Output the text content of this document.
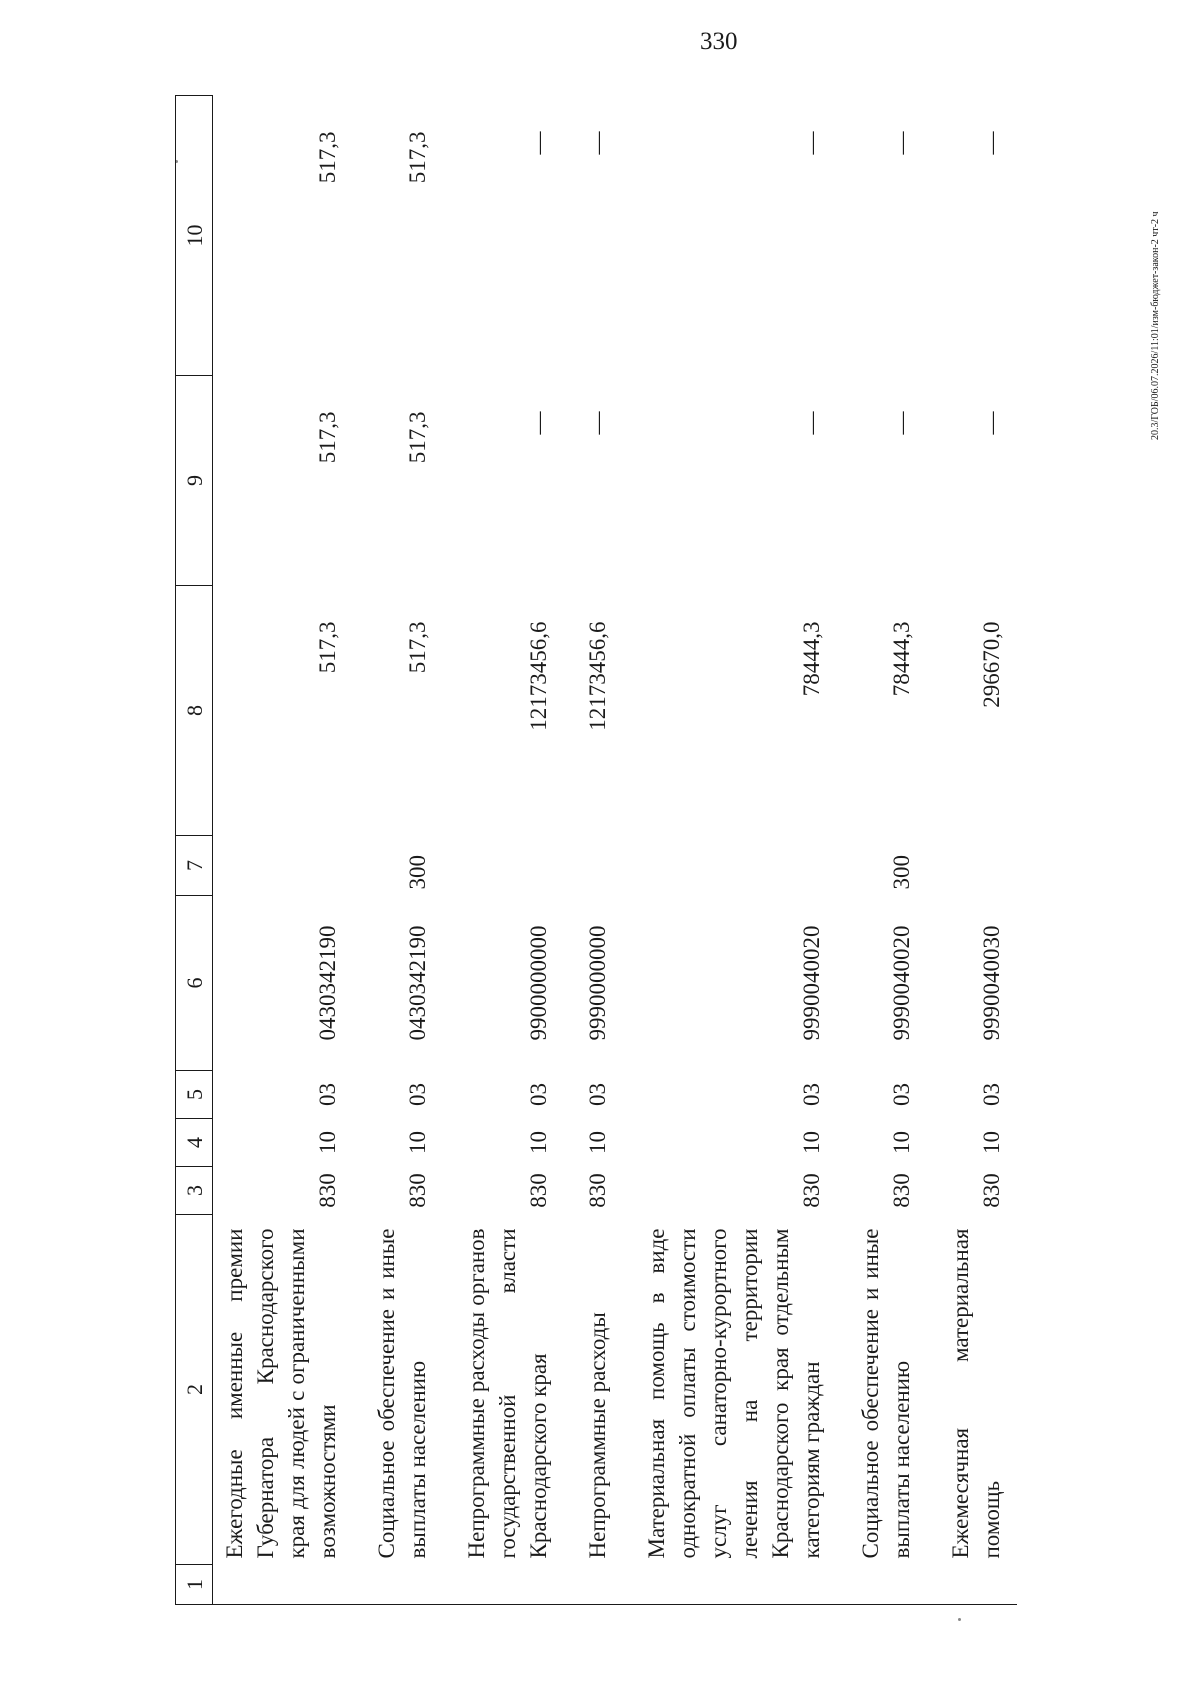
330
20.3/ГОБ/06.07.2026/11:01/изм-бюджет-закон-2 чт-2 ч
1	2	3	4	5	6	7	8	9	10
	Ежегодные именные премии Губернатора Краснодарского края для людей с ограниченными возможностями	830	10	03	0430342190		517,3	517,3	517,3

	Социальное обеспечение и иные выплаты населению	830	10	03	0430342190	300	517,3	517,3	517,3

	Непрограммные расходы органов государственной власти Краснодарского края	830	10	03	9900000000		12173456,6	—	—

	Непрограммные расходы	830	10	03	9990000000		12173456,6	—	—

	Материальная помощь в виде однократной оплаты стоимости услуг санаторно-курортного лечения на территории Краснодарского края отдельным категориям граждан	830	10	03	9990040020		78444,3	—	—

	Социальное обеспечение и иные выплаты населению	830	10	03	9990040020	300	78444,3	—	—

	Ежемесячная материальная помощь	830	10	03	9990040030		296670,0	—	—
